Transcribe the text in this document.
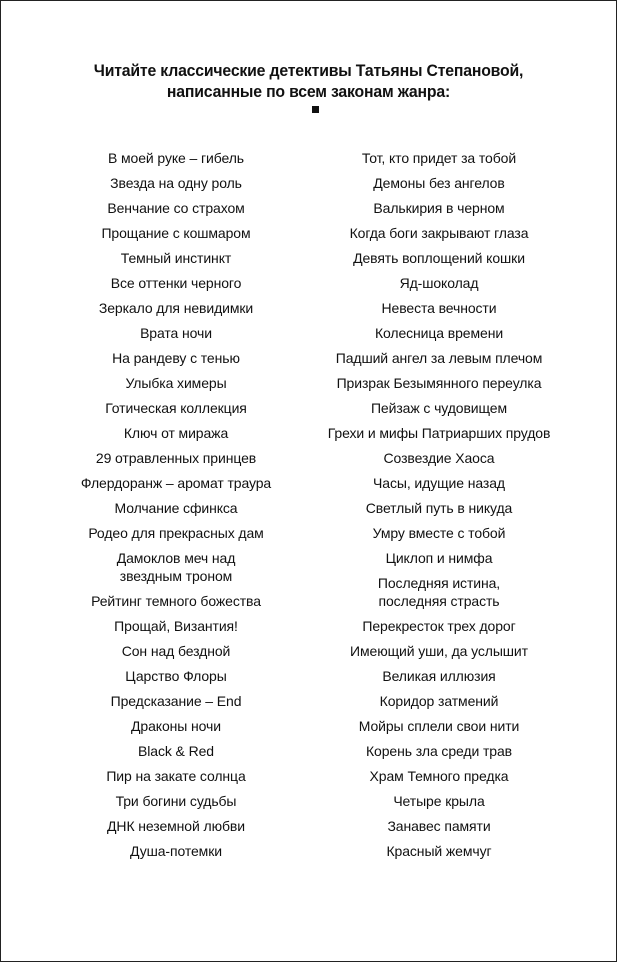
Читайте классические детективы Татьяны Степановой,
написанные по всем законам жанра:
В моей руке – гибель
Звезда на одну роль
Венчание со страхом
Прощание с кошмаром
Темный инстинкт
Все оттенки черного
Зеркало для невидимки
Врата ночи
На рандеву с тенью
Улыбка химеры
Готическая коллекция
Ключ от миража
29 отравленных принцев
Флердоранж – аромат траура
Молчание сфинкса
Родео для прекрасных дам
Дамоклов меч над
звездным троном
Рейтинг темного божества
Прощай, Византия!
Сон над бездной
Царство Флоры
Предсказание – End
Драконы ночи
Black & Red
Пир на закате солнца
Три богини судьбы
ДНК неземной любви
Душа-потемки
Тот, кто придет за тобой
Демоны без ангелов
Валькирия в черном
Когда боги закрывают глаза
Девять воплощений кошки
Яд-шоколад
Невеста вечности
Колесница времени
Падший ангел за левым плечом
Призрак Безымянного переулка
Пейзаж с чудовищем
Грехи и мифы Патриарших прудов
Созвездие Хаоса
Часы, идущие назад
Светлый путь в никуда
Умру вместе с тобой
Циклоп и нимфа
Последняя истина,
последняя страсть
Перекресток трех дорог
Имеющий уши, да услышит
Великая иллюзия
Коридор затмений
Мойры сплели свои нити
Корень зла среди трав
Храм Темного предка
Четыре крыла
Занавес памяти
Красный жемчуг
